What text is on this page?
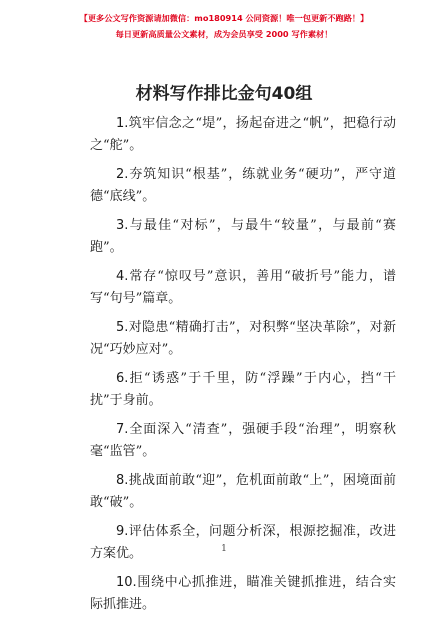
【更多公文写作资源请加微信：mo180914 公同资源！唯一包更新不跑路！】
每日更新高质量公文素材，成为会员享受 2000 写作素材！
材料写作排比金句40组
1.筑牢信念之“堤”，扬起奋进之“帆”，把稳行动之“舵”。
2.夯筑知识“根基”，练就业务“硬功”，严守道德“底线”。
3.与最佳“对标”，与最牛“较量”，与最前“赛跑”。
4.常存“惊叹号”意识，善用“破折号”能力，谱写“句号”篇章。
5.对隐患“精确打击”，对积弊“坚决革除”，对新况“巧妙应对”。
6.拒“诱惑”于千里，防“浮躁”于内心，挡“干扰”于身前。
7.全面深入“清查”，强硬手段“治理”，明察秋毫“监管”。
8.挑战面前敢“迎”，危机面前敢“上”，困境面前敢“破”。
9.评估体系全，问题分析深，根源挖掘准，改进方案优。
10.围绕中心抓推进，瞄准关键抓推进，结合实际抓推进。
1
